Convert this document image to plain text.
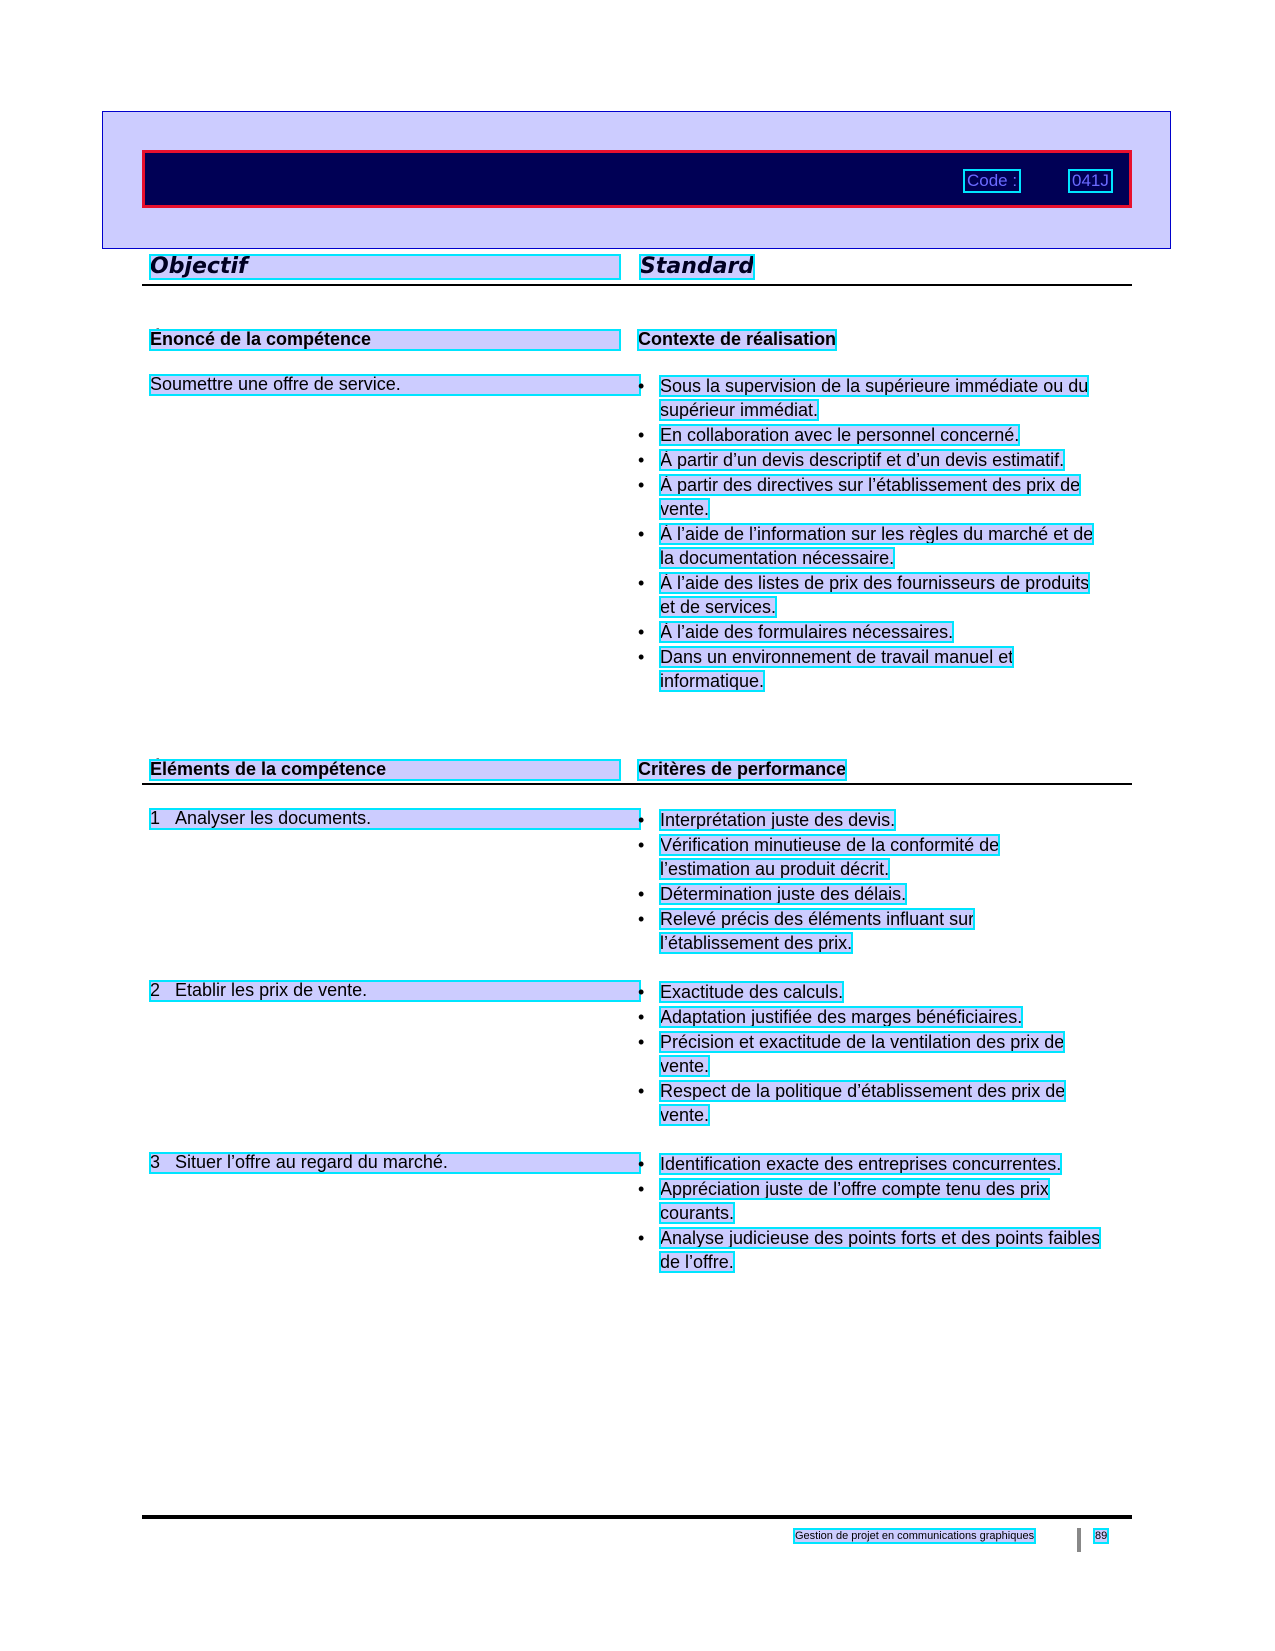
Code :	041J
Objectif	Standard
Énoncé de la compétence	Contexte de réalisation
Soumettre une offre de service.	• Sous la supervision de la supérieure immédiate ou du supérieur immédiat.
• En collaboration avec le personnel concerné.
• À partir d’un devis descriptif et d’un devis estimatif.
• À partir des directives sur l’établissement des prix de vente.
• À l’aide de l’information sur les règles du marché et de la documentation nécessaire.
• À l’aide des listes de prix des fournisseurs de produits et de services.
• À l’aide des formulaires nécessaires.
• Dans un environnement de travail manuel et informatique.
Éléments de la compétence	Critères de performance
1 Analyser les documents.	• Interprétation juste des devis.
• Vérification minutieuse de la conformité de l’estimation au produit décrit.
• Détermination juste des délais.
• Relevé précis des éléments influant sur l’établissement des prix.
2 Établir les prix de vente.	• Exactitude des calculs.
• Adaptation justifiée des marges bénéficiaires.
• Précision et exactitude de la ventilation des prix de vente.
• Respect de la politique d’établissement des prix de vente.
3 Situer l’offre au regard du marché.	• Identification exacte des entreprises concurrentes.
• Appréciation juste de l’offre compte tenu des prix courants.
• Analyse judicieuse des points forts et des points faibles de l’offre.
Gestion de projet en communications graphiques	89
